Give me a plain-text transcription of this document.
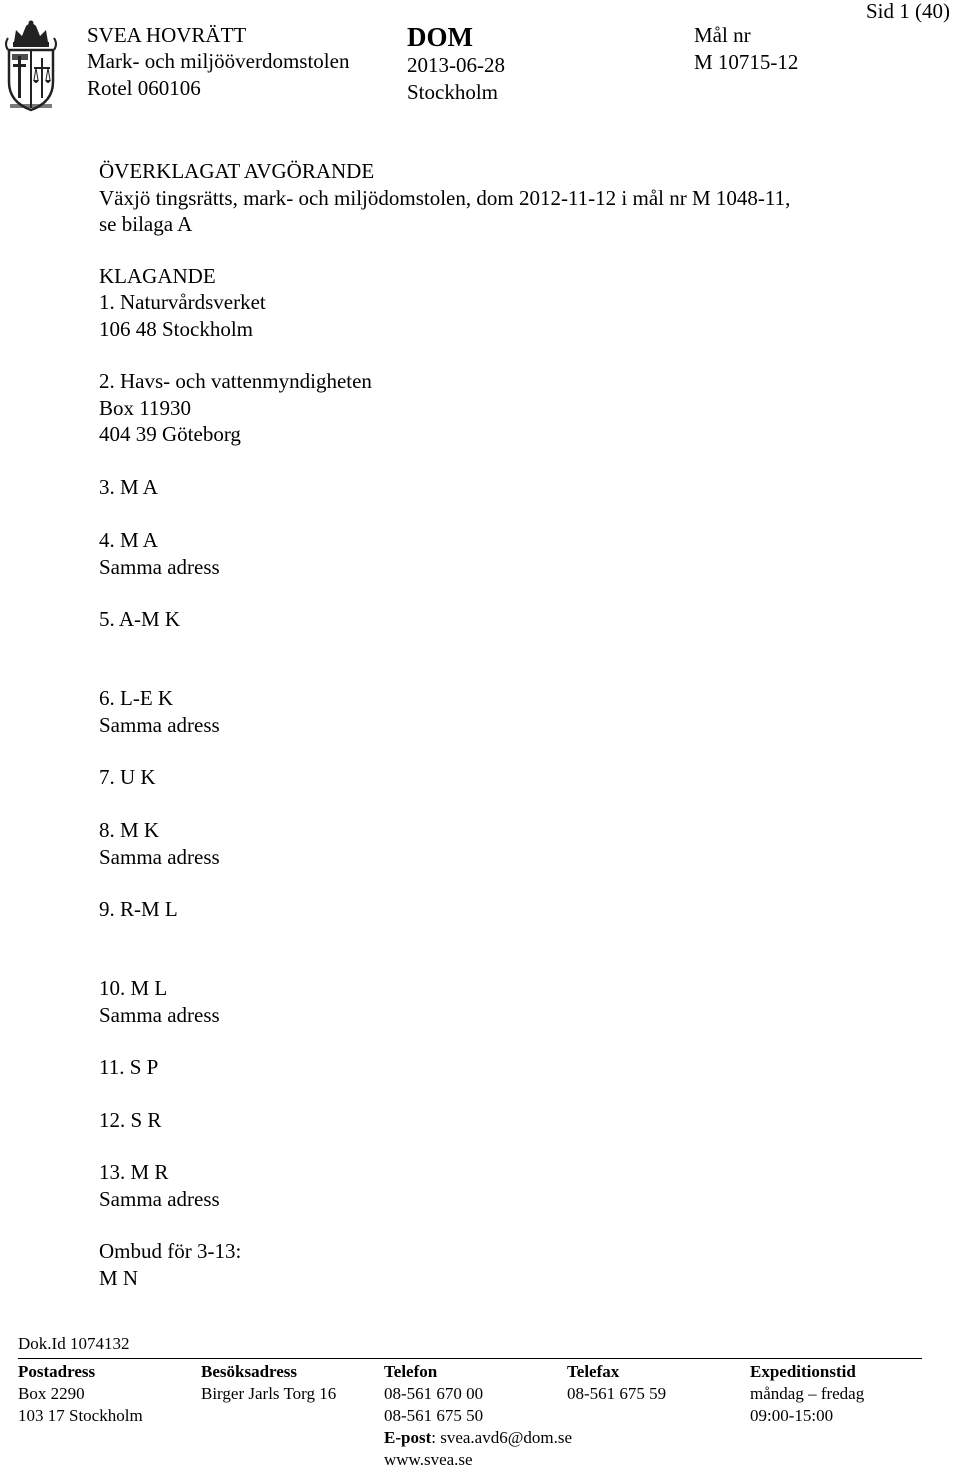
SVEA HOVRÄTT
Mark- och miljööverdomstolen
Rotel 060106
DOM
2013-06-28
Stockholm
Mål nr
M 10715-12
Sid 1 (40)
ÖVERKLAGAT AVGÖRANDE
Växjö tingsrätts, mark- och miljödomstolen, dom 2012-11-12 i mål nr M 1048-11,
se bilaga A
KLAGANDE
1. Naturvårdsverket
106 48 Stockholm
2. Havs- och vattenmyndigheten
Box 11930
404 39 Göteborg
3. M A
4. M A
Samma adress
5. A-M K
6. L-E K
Samma adress
7. U K
8. M K
Samma adress
9. R-M L
10. M L
Samma adress
11. S P
12. S R
13. M R
Samma adress
Ombud för 3-13:
M N
Dok.Id 1074132
Postadress
Box 2290
103 17 Stockholm
Besöksadress
Birger Jarls Torg 16
Telefon
08-561 670 00
08-561 675 50
E-post: svea.avd6@dom.se
www.svea.se
Telefax
08-561 675 59
Expeditionstid
måndag – fredag
09:00-15:00
